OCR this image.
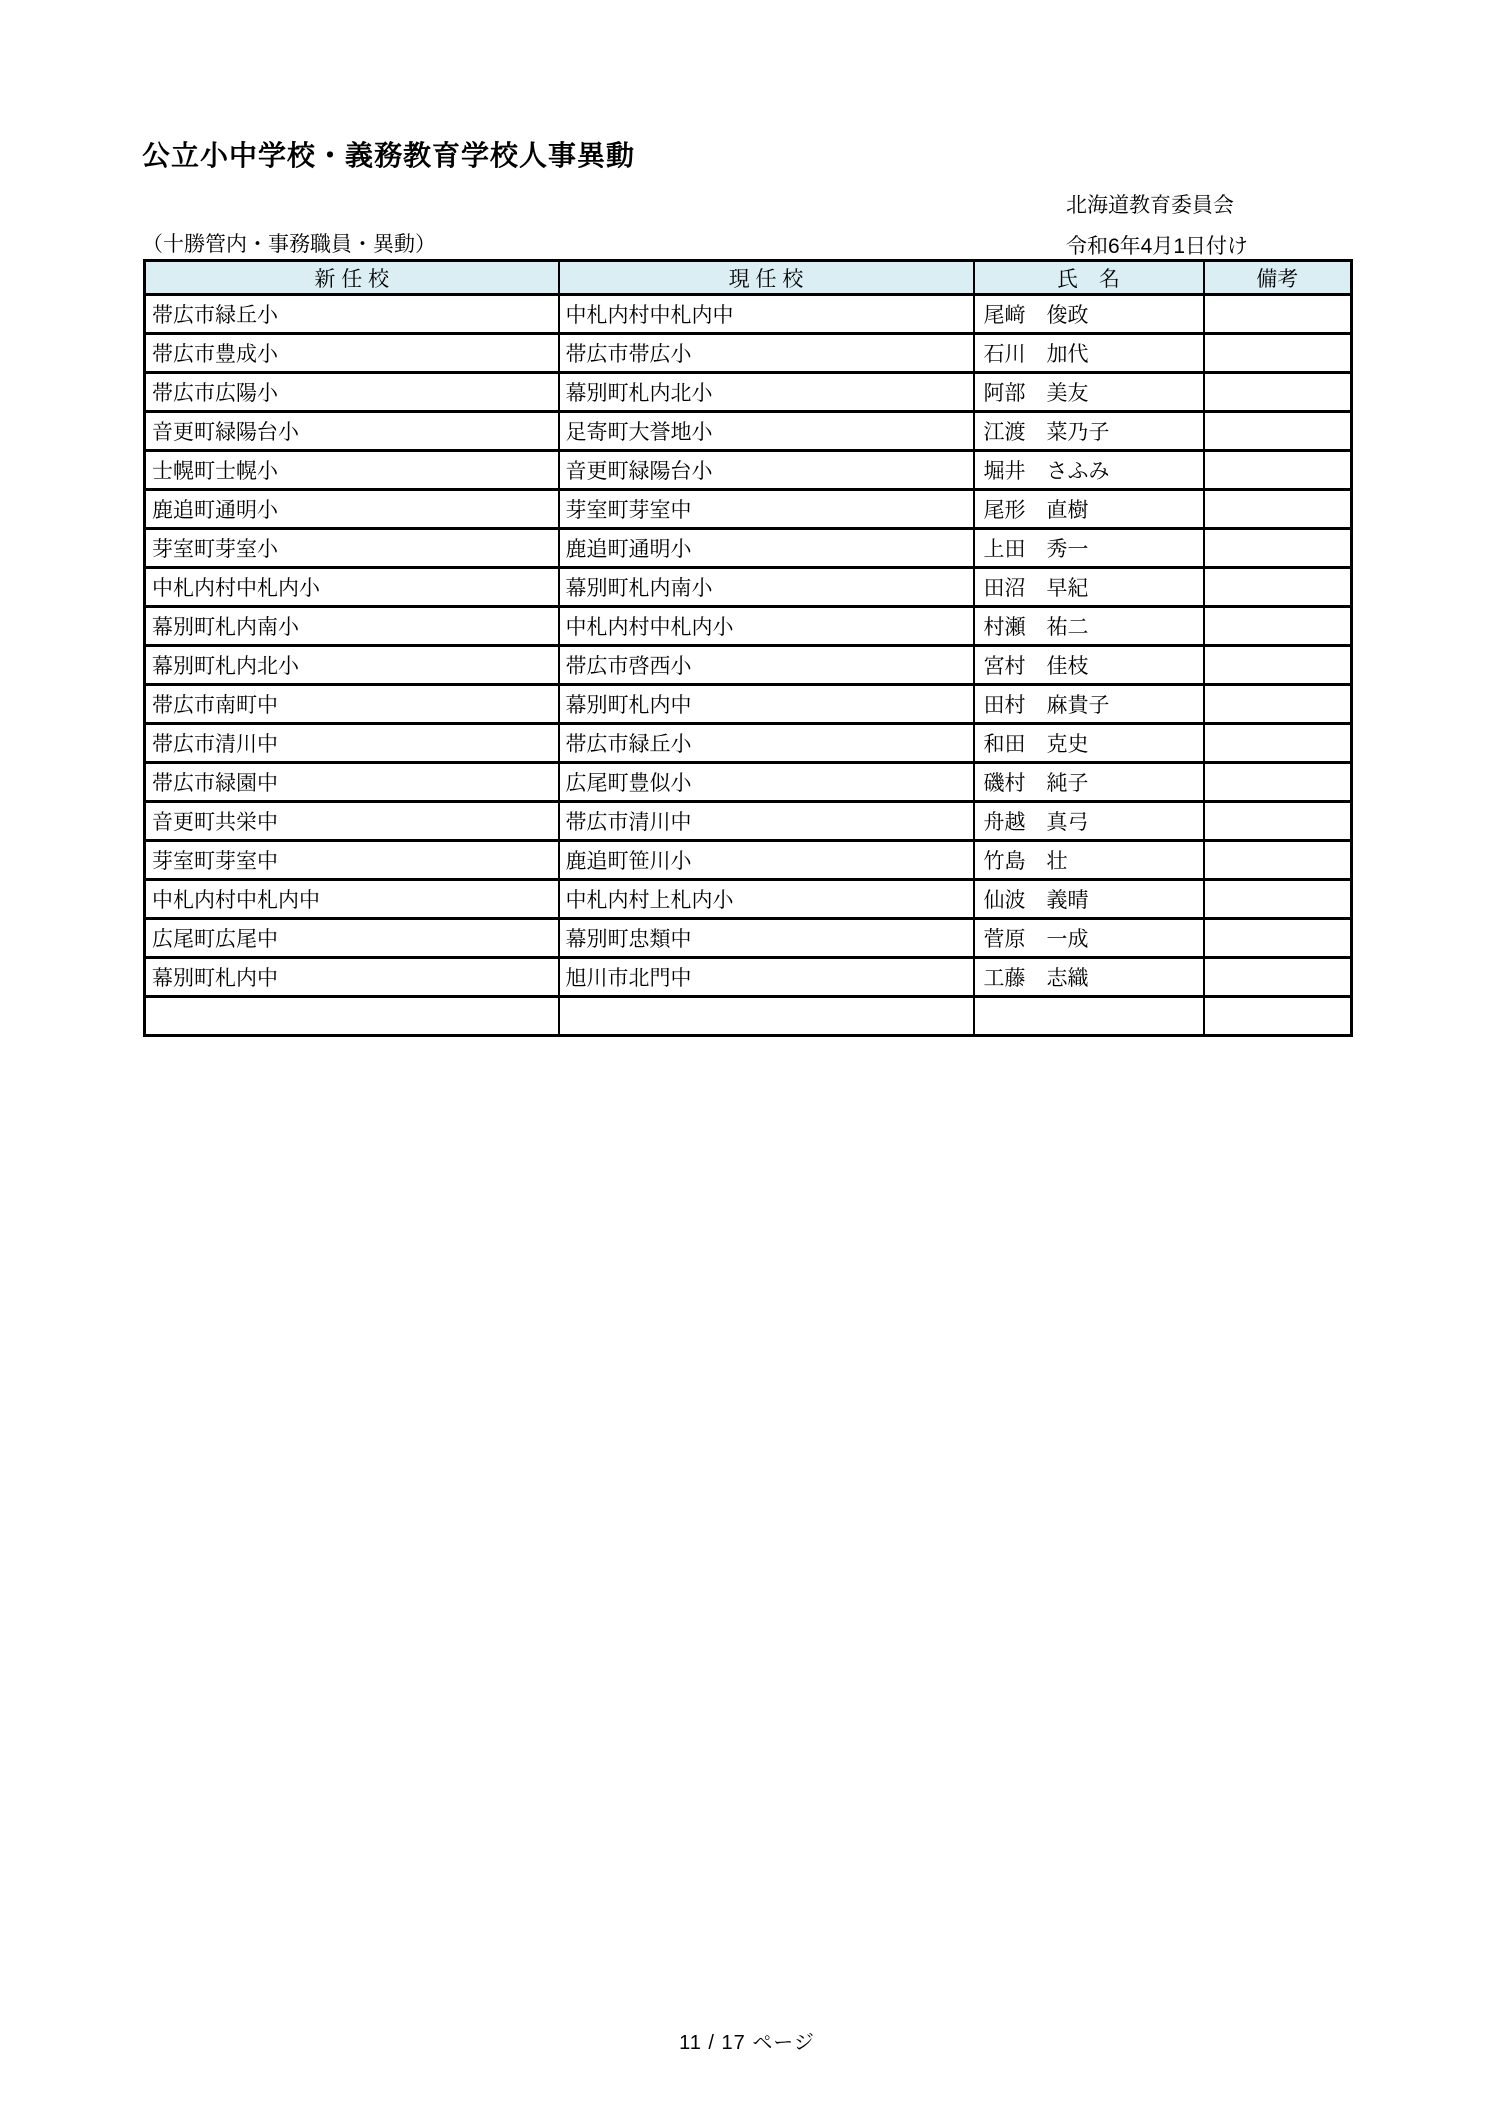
公立小中学校・義務教育学校人事異動
北海道教育委員会
（十勝管内・事務職員・異動）	令和6年4月1日付け
新 任 校	現 任 校	氏　名	備考
帯広市緑丘小	中札内村中札内中	尾﨑　俊政	
帯広市豊成小	帯広市帯広小	石川　加代	
帯広市広陽小	幕別町札内北小	阿部　美友	
音更町緑陽台小	足寄町大誉地小	江渡　菜乃子	
士幌町士幌小	音更町緑陽台小	堀井　さふみ	
鹿追町通明小	芽室町芽室中	尾形　直樹	
芽室町芽室小	鹿追町通明小	上田　秀一	
中札内村中札内小	幕別町札内南小	田沼　早紀	
幕別町札内南小	中札内村中札内小	村瀬　祐二	
幕別町札内北小	帯広市啓西小	宮村　佳枝	
帯広市南町中	幕別町札内中	田村　麻貴子	
帯広市清川中	帯広市緑丘小	和田　克史	
帯広市緑園中	広尾町豊似小	磯村　純子	
音更町共栄中	帯広市清川中	舟越　真弓	
芽室町芽室中	鹿追町笹川小	竹島　壮	
中札内村中札内中	中札内村上札内小	仙波　義晴	
広尾町広尾中	幕別町忠類中	菅原　一成	
幕別町札内中	旭川市北門中	工藤　志織	

11 / 17 ページ
